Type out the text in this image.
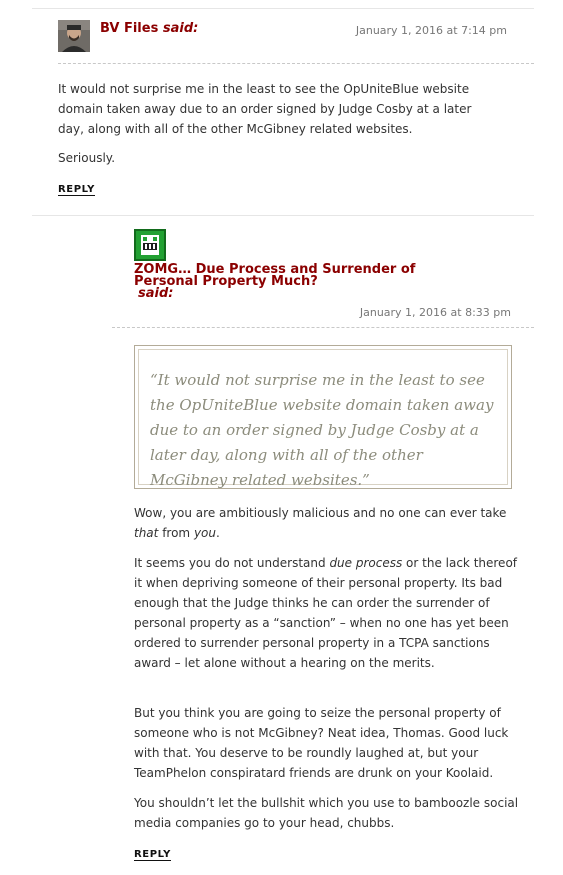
BV Files said:	January 1, 2016 at 7:14 pm

It would not surprise me in the least to see the OpUniteBlue website domain taken away due to an order signed by Judge Cosby at a later day, along with all of the other McGibney related websites.

Seriously.

REPLY
ZOMG… Due Process and Surrender of Personal Property Much?
said:
January 1, 2016 at 8:33 pm

“It would not surprise me in the least to see the OpUniteBlue website domain taken away due to an order signed by Judge Cosby at a later day, along with all of the other McGibney related websites.”

Wow, you are ambitiously malicious and no one can ever take that from you.

It seems you do not understand due process or the lack thereof it when depriving someone of their personal property. Its bad enough that the Judge thinks he can order the surrender of personal property as a “sanction” – when no one has yet been ordered to surrender personal property in a TCPA sanctions award – let alone without a hearing on the merits.

But you think you are going to seize the personal property of someone who is not McGibney? Neat idea, Thomas. Good luck with that. You deserve to be roundly laughed at, but your TeamPhelon conspiratard friends are drunk on your Koolaid.

You shouldn’t let the bullshit which you use to bamboozle social media companies go to your head, chubbs.

REPLY
